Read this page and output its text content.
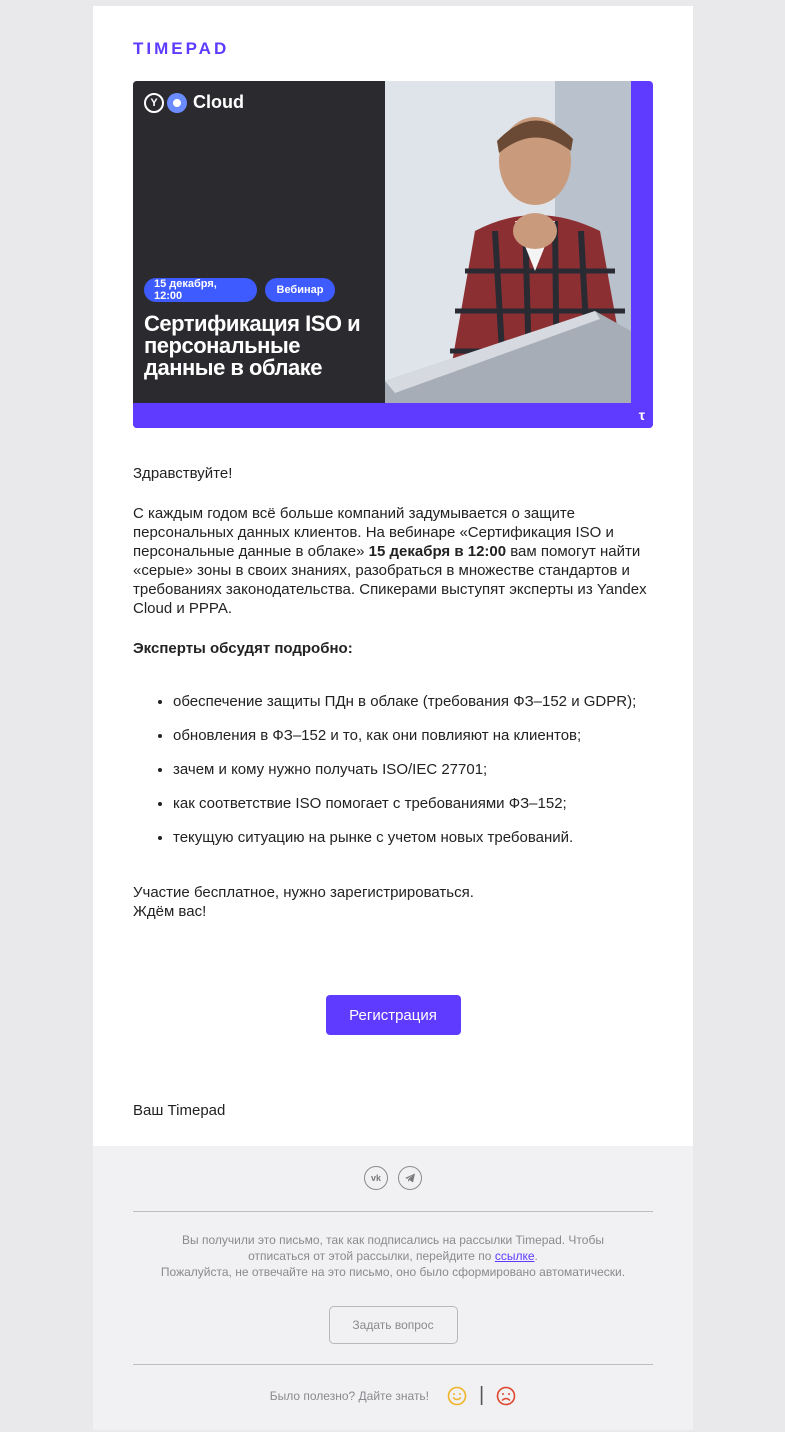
TIMEPAD
Y	Cloud
15 декабря, 12:00	Вебинар
Сертификация ISO и персональные данные в облаке
τ

Здравствуйте!

С каждым годом всё больше компаний задумывается о защите персональных данных клиентов. На вебинаре «Сертификация ISO и персональные данные в облаке» 15 декабря в 12:00 вам помогут найти «серые» зоны в своих знаниях, разобраться в множестве стандартов и требованиях законодательства. Спикерами выступят эксперты из Yandex Cloud и РРРА.

Эксперты обсудят подробно:

• обеспечение защиты ПДн в облаке (требования ФЗ–152 и GDPR);
• обновления в ФЗ–152 и то, как они повлияют на клиентов;
• зачем и кому нужно получать ISO/IEC 27701;
• как соответствие ISO помогает с требованиями ФЗ–152;
• текущую ситуацию на рынке с учетом новых требований.

Участие бесплатное, нужно зарегистрироваться.

Ждём вас!

Регистрация
Ваш Timepad
vk
Вы получили это письмо, так как подписались на рассылки Timepad. Чтобы отписаться от этой рассылки, перейдите по ссылке.
Пожалуйста, не отвечайте на это письмо, оно было сформировано автоматически.
Задать вопрос
Было полезно? Дайте знать!	|
